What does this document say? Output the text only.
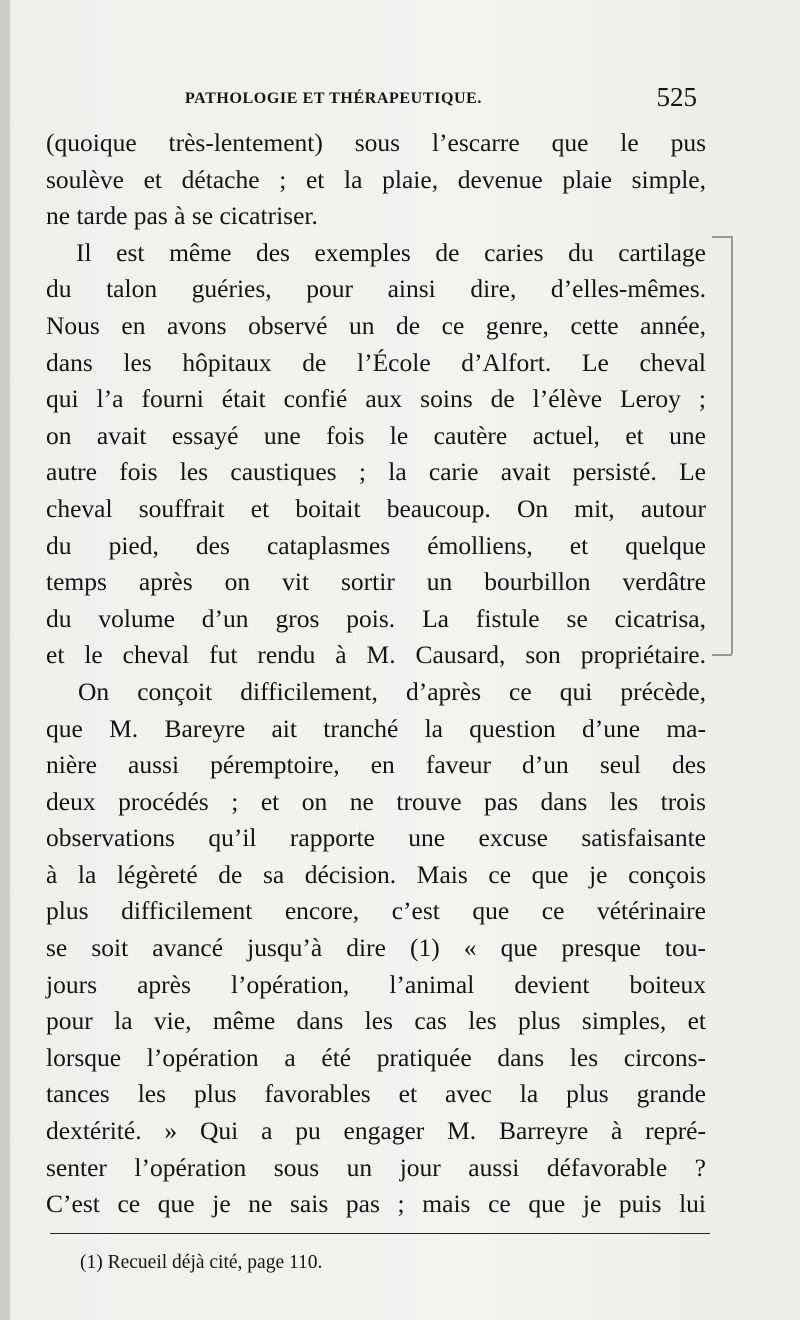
PATHOLOGIE ET THÉRAPEUTIQUE.	525
(quoique très-lentement) sous l’escarre que le pus
soulève et détache ; et la plaie, devenue plaie simple,
ne tarde pas à se cicatriser.
Il est même des exemples de caries du cartilage
du talon guéries, pour ainsi dire, d’elles-mêmes.
Nous en avons observé un de ce genre, cette année,
dans les hôpitaux de l’École d’Alfort. Le cheval
qui l’a fourni était confié aux soins de l’élève Leroy ;
on avait essayé une fois le cautère actuel, et une
autre fois les caustiques ; la carie avait persisté. Le
cheval souffrait et boitait beaucoup. On mit, autour
du pied, des cataplasmes émolliens, et quelque
temps après on vit sortir un bourbillon verdâtre
du volume d’un gros pois. La fistule se cicatrisa,
et le cheval fut rendu à M. Causard, son propriétaire.
On conçoit difficilement, d’après ce qui précède,
que M. Bareyre ait tranché la question d’une ma-
nière aussi péremptoire, en faveur d’un seul des
deux procédés ; et on ne trouve pas dans les trois
observations qu’il rapporte une excuse satisfaisante
à la légèreté de sa décision. Mais ce que je conçois
plus difficilement encore, c’est que ce vétérinaire
se soit avancé jusqu’à dire (1) « que presque tou-
jours après l’opération, l’animal devient boiteux
pour la vie, même dans les cas les plus simples, et
lorsque l’opération a été pratiquée dans les circons-
tances les plus favorables et avec la plus grande
dextérité. » Qui a pu engager M. Barreyre à repré-
senter l’opération sous un jour aussi défavorable ?
C’est ce que je ne sais pas ; mais ce que je puis lui
(1) Recueil déjà cité, page 110.
